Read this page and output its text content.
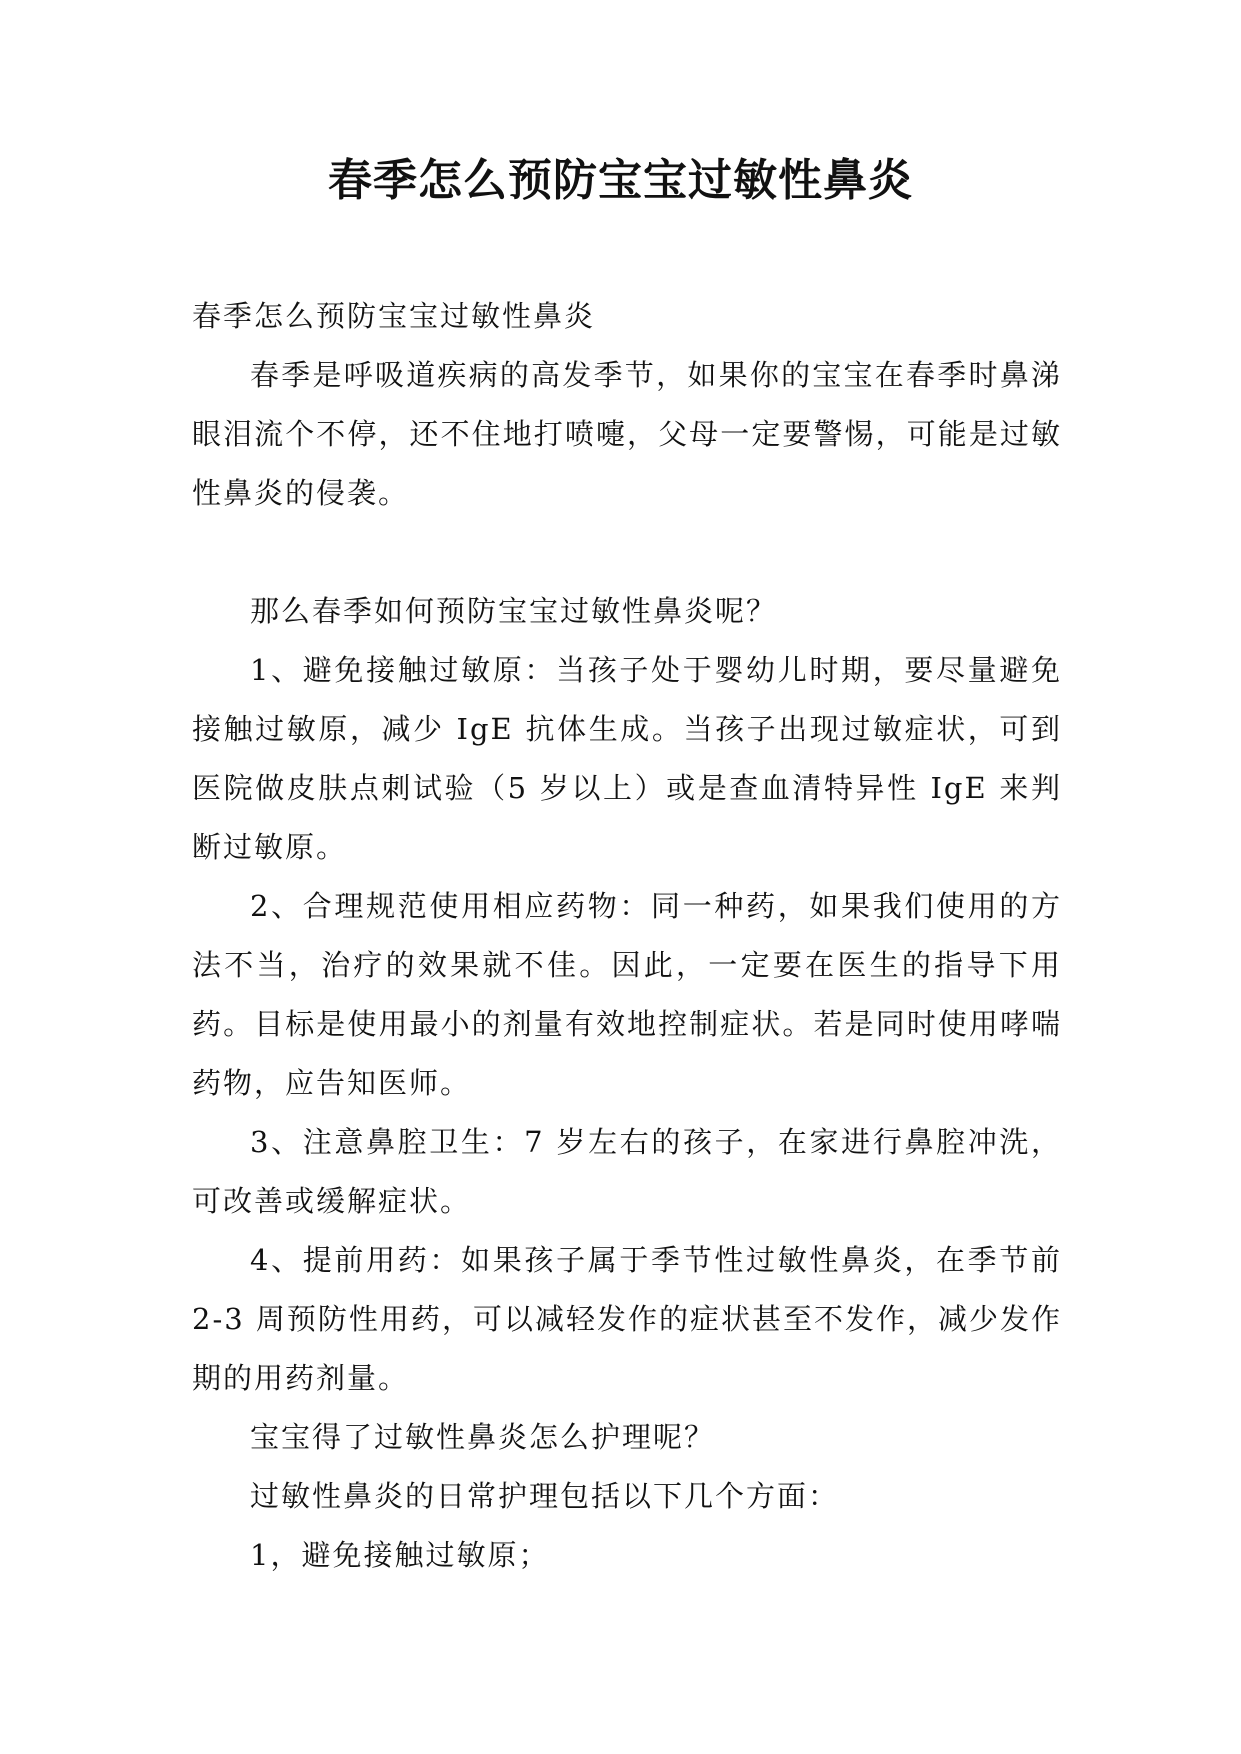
春季怎么预防宝宝过敏性鼻炎

春季怎么预防宝宝过敏性鼻炎

春季是呼吸道疾病的高发季节，如果你的宝宝在春季时鼻涕眼泪流个不停，还不住地打喷嚏，父母一定要警惕，可能是过敏性鼻炎的侵袭。

那么春季如何预防宝宝过敏性鼻炎呢？

1、避免接触过敏原：当孩子处于婴幼儿时期，要尽量避免接触过敏原，减少 IgE 抗体生成。当孩子出现过敏症状，可到医院做皮肤点刺试验（5 岁以上）或是查血清特异性 IgE 来判断过敏原。

2、合理规范使用相应药物：同一种药，如果我们使用的方法不当，治疗的效果就不佳。因此，一定要在医生的指导下用药。目标是使用最小的剂量有效地控制症状。若是同时使用哮喘药物，应告知医师。

3、注意鼻腔卫生：7 岁左右的孩子，在家进行鼻腔冲洗，可改善或缓解症状。

4、提前用药：如果孩子属于季节性过敏性鼻炎，在季节前 2-3 周预防性用药，可以减轻发作的症状甚至不发作，减少发作期的用药剂量。

宝宝得了过敏性鼻炎怎么护理呢？

过敏性鼻炎的日常护理包括以下几个方面：

1，避免接触过敏原；
